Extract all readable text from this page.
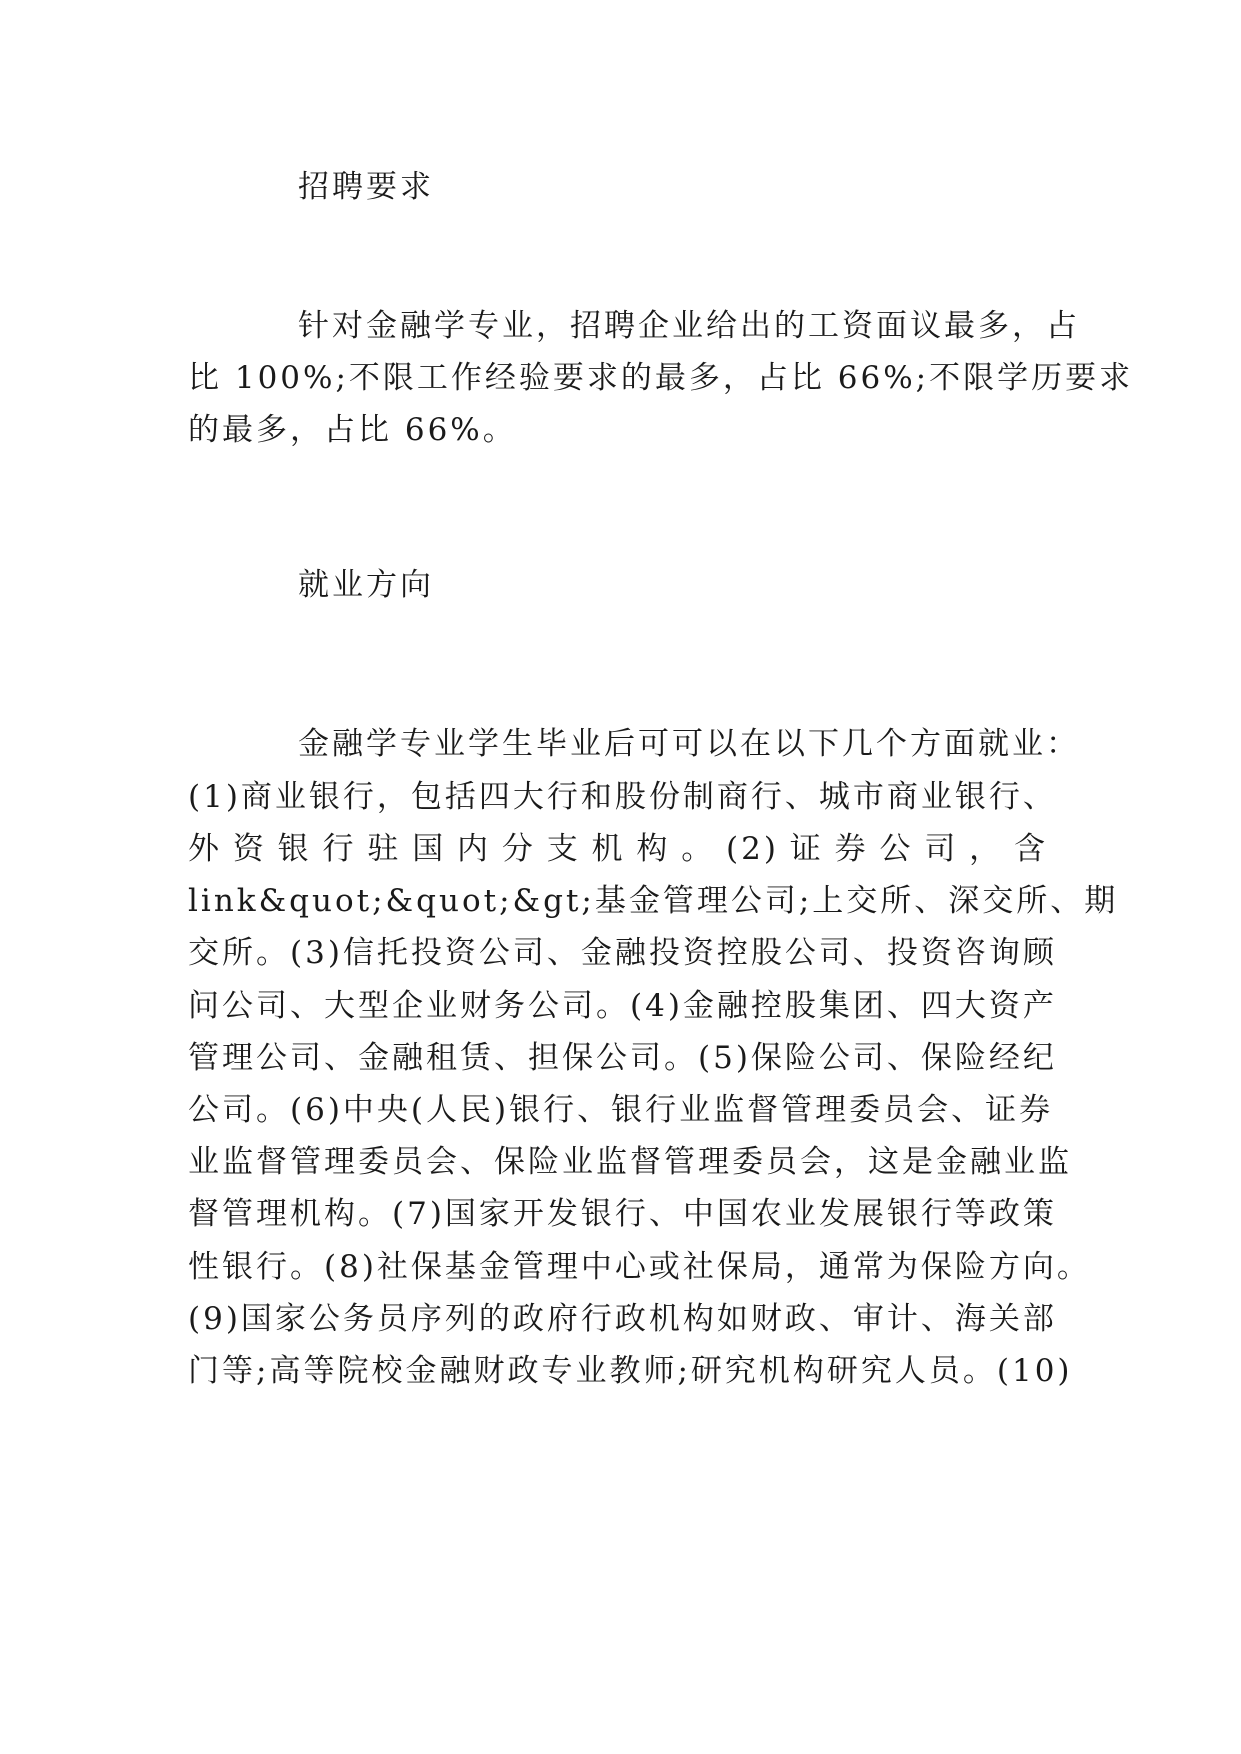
招聘要求

针对金融学专业，招聘企业给出的工资面议最多，占

比 100%;不限工作经验要求的最多，占比 66%;不限学历要求

的最多，占比 66%。

就业方向

金融学专业学生毕业后可可以在以下几个方面就业：

(1)商业银行，包括四大行和股份制商行、城市商业银行、

外资银行驻国内分支机构。(2)证券公司，含

link&quot;&quot;&gt;基金管理公司;上交所、深交所、期

交所。(3)信托投资公司、金融投资控股公司、投资咨询顾

问公司、大型企业财务公司。(4)金融控股集团、四大资产

管理公司、金融租赁、担保公司。(5)保险公司、保险经纪

公司。(6)中央(人民)银行、银行业监督管理委员会、证券

业监督管理委员会、保险业监督管理委员会，这是金融业监

督管理机构。(7)国家开发银行、中国农业发展银行等政策

性银行。(8)社保基金管理中心或社保局，通常为保险方向。

(9)国家公务员序列的政府行政机构如财政、审计、海关部

门等;高等院校金融财政专业教师;研究机构研究人员。(10)
